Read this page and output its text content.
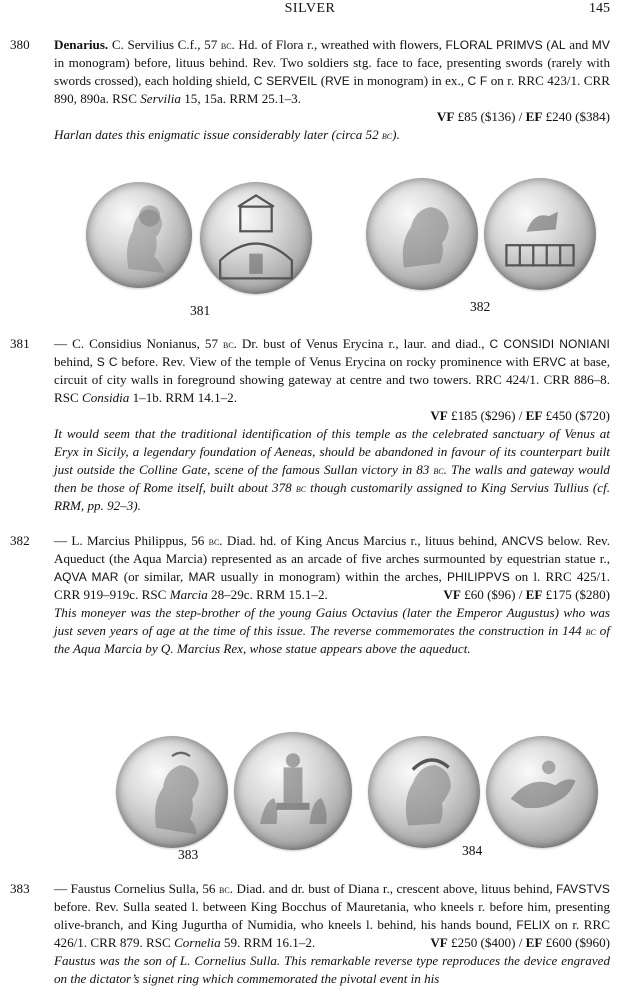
SILVER	145
380	Denarius. C. Servilius C.f., 57 bc. Hd. of Flora r., wreathed with flowers, FLORAL PRIMVS (AL and MV in monogram) before, lituus behind. Rev. Two soldiers stg. face to face, presenting swords (rarely with swords crossed), each holding shield, C SERVEIL (RVE in monogram) in ex., C F on r. RRC 423/1. CRR 890, 890a. RSC Servilia 15, 15a. RRM 25.1–3.

VF £85 ($136) / EF £240 ($384)

Harlan dates this enigmatic issue considerably later (circa 52 bc).

381	382
381	— C. Considius Nonianus, 57 bc. Dr. bust of Venus Erycina r., laur. and diad., C CONSIDI NONIANI behind, S C before. Rev. View of the temple of Venus Erycina on rocky prominence with ERVC at base, circuit of city walls in foreground showing gateway at centre and two towers. RRC 424/1. CRR 886–8. RSC Considia 1–1b. RRM 14.1–2.

VF £185 ($296) / EF £450 ($720)

It would seem that the traditional identification of this temple as the celebrated sanctuary of Venus at Eryx in Sicily, a legendary foundation of Aeneas, should be abandoned in favour of its counterpart built just outside the Colline Gate, scene of the famous Sullan victory in 83 bc. The walls and gateway would then be those of Rome itself, built about 378 bc though customarily assigned to King Servius Tullius (cf. RRM, pp. 92–3).

382	— L. Marcius Philippus, 56 bc. Diad. hd. of King Ancus Marcius r., lituus behind, ANCVS below. Rev. Aqueduct (the Aqua Marcia) represented as an arcade of five arches surmounted by equestrian statue r., AQVA MAR (or similar, MAR usually in monogram) within the arches, PHILIPPVS on l. RRC 425/1. CRR 919–919c. RSC Marcia 28–29c. RRM 15.1–2.	VF £60 ($96) / EF £175 ($280)

This moneyer was the step-brother of the young Gaius Octavius (later the Emperor Augustus) who was just seven years of age at the time of this issue. The reverse commemorates the construction in 144 bc of the Aqua Marcia by Q. Marcius Rex, whose statue appears above the aqueduct.

383	384
383	— Faustus Cornelius Sulla, 56 bc. Diad. and dr. bust of Diana r., crescent above, lituus behind, FAVSTVS before. Rev. Sulla seated l. between King Bocchus of Mauretania, who kneels r. before him, presenting olive-branch, and King Jugurtha of Numidia, who kneels l. behind, his hands bound, FELIX on r. RRC 426/1. CRR 879. RSC Cornelia 59. RRM 16.1–2.	VF £250 ($400) / EF £600 ($960)

Faustus was the son of L. Cornelius Sulla. This remarkable reverse type reproduces the device engraved on the dictator’s signet ring which commemorated the pivotal event in his
